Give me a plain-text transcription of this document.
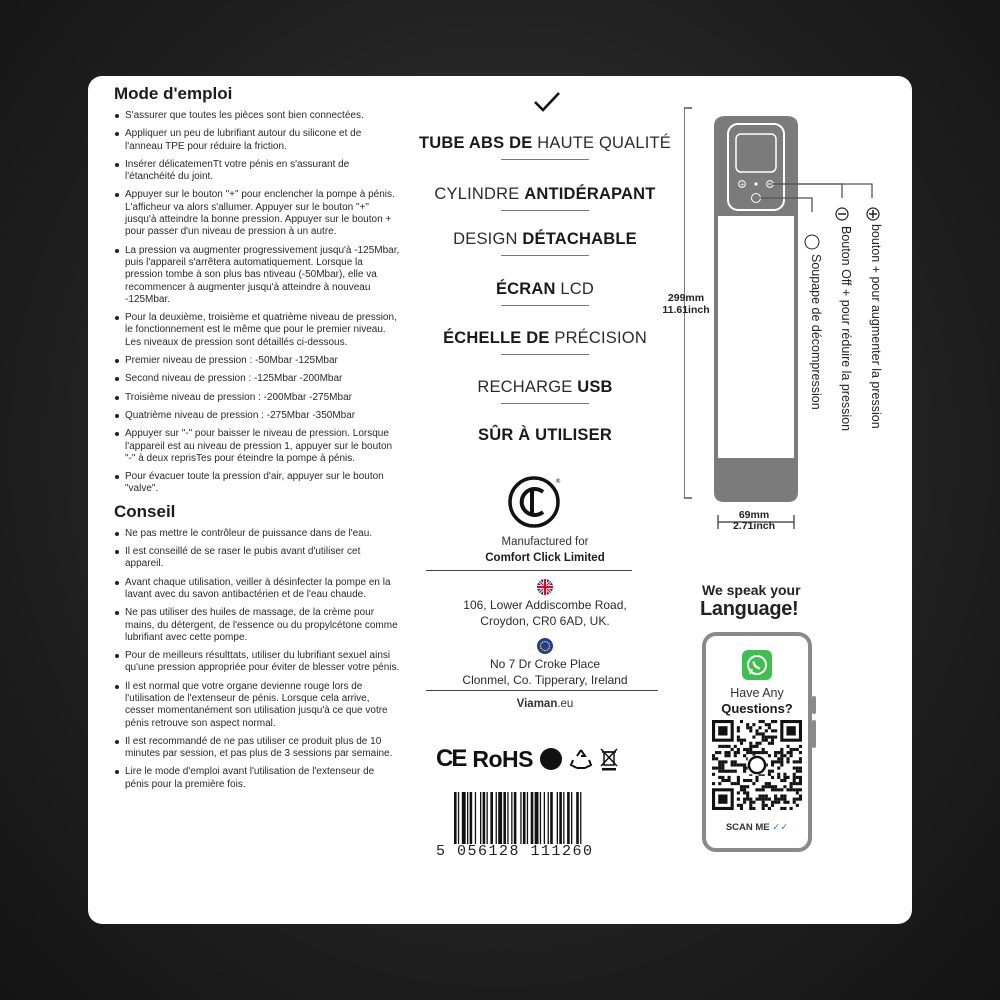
Mode d'emploi
S'assurer que toutes les pièces sont bien connectées.
Appliquer un peu de lubrifiant autour du silicone et de l'anneau TPE pour réduire la friction.
Insérer délicatemenTt votre pénis en s'assurant de l'étanchéité du joint.
Appuyer sur le bouton "+" pour enclencher la pompe à pénis. L'afficheur va alors s'allumer. Appuyer sur le bouton "+" jusqu'à atteindre la bonne pression. Appuyer sur le bouton + pour passer d'un niveau de pression à un autre.
La pression va augmenter progressivement jusqu'à -125Mbar, puis l'appareil s'arrêtera automatiquement. Lorsque la pression tombe à son plus bas ntiveau (-50Mbar), elle va recommencer à augmenter jusqu'à atteindre à nouveau -125Mbar.
Pour la deuxième, troisième et quatrième niveau de pression, le fonctionnement est le même que pour le premier niveau. Les niveaux de pression sont détaillés ci-dessous.
Premier niveau de pression : -50Mbar -125Mbar
Second niveau de pression : -125Mbar -200Mbar
Troisième niveau de pression : -200Mbar -275Mbar
Quatrième niveau de pression : -275Mbar -350Mbar
Appuyer sur "-" pour baisser le niveau de pression. Lorsque l'appareil est au niveau de pression 1, appuyer sur le bouton "-" à deux reprisTes pour éteindre la pompe à pénis.
Pour évacuer toute la pression d'air, appuyer sur le bouton "valve".
Conseil
Ne pas mettre le contrôleur de puissance dans de l'eau.
Il est conseillé de se raser le pubis avant d'utiliser cet appareil.
Avant chaque utilisation, veiller à désinfecter la pompe en la lavant avec du savon antibactérien et de l'eau chaude.
Ne pas utiliser des huiles de massage, de la crème pour mains, du détergent, de l'essence ou du propylcétone comme lubrifiant avec cette pompe.
Pour de meilleurs résulttats, utiliser du lubrifiant sexuel ainsi qu'une pression appropriée pour éviter de blesser votre pénis.
Il est normal que votre organe devienne rouge lors de l'utilisation de l'extenseur de pénis. Lorsque cela arrive, cesser momentanément son utilisation jusqu'à ce que votre pénis retrouve son aspect normal.
Il est recommandé de ne pas utiliser ce produit plus de 10 minutes par session, et pas plus de 3 sessions par semaine.
Lire le mode d'emploi avant l'utilisation de l'extenseur de pénis pour la première fois.
TUBE ABS DE HAUTE QUALITÉ
CYLINDRE ANTIDÉRAPANT
DESIGN DÉTACHABLE
ÉCRAN LCD
ÉCHELLE DE PRÉCISION
RECHARGE USB
SÛR À UTILISER
®
Manufactured for
Comfort Click Limited
106, Lower Addiscombe Road,
Croydon, CR0 6AD, UK.
No 7 Dr Croke Place
Clonmel, Co. Tipperary, Ireland
Viaman.eu
CE RoHS
5 056128 111260
+
299mm
11.61inch
69mm
2.71inch
bouton + pour augmenter la pression
Bouton Off + pour réduire la pression
Soupape de décompression
We speak your
Language!
Have Any
Questions?
SCAN ME ✓✓
